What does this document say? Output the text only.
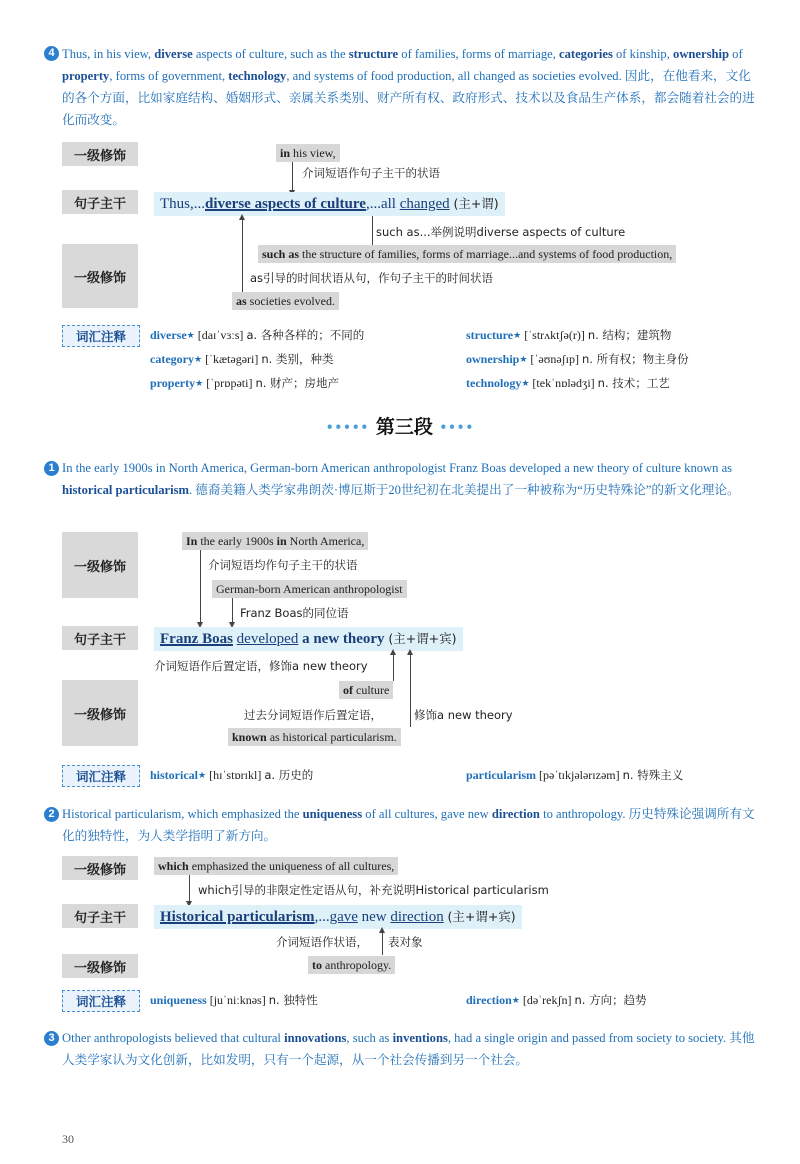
4 Thus, in his view, diverse aspects of culture, such as the structure of families, forms of marriage, categories of kinship, ownership of property, forms of government, technology, and systems of food production, all changed as societies evolved. 因此，在他看来，文化的各个方面，比如家庭结构、婚姻形式、亲属关系类别、财产所有权、政府形式、技术以及食品生产体系，都会随着社会的进化而改变。
一级修饰
句子主干
一级修饰
in his view,
介词短语作句子主干的状语
Thus,...diverse aspects of culture,...all changed (主+谓)
such as...举例说明diverse aspects of culture
such as the structure of families, forms of marriage...and systems of food production,
as引导的时间状语从句，作句子主干的时间状语
as societies evolved.
词汇注释	diverse★ [daɪˈvɜːs] a. 各种各样的；不同的	structure★ [ˈstrʌktʃə(r)] n. 结构；建筑物
category★ [ˈkætəgəri] n. 类别，种类	ownership★ [ˈəʊnəʃɪp] n. 所有权；物主身份
property★ [ˈprɒpəti] n. 财产；房地产	technology★ [tekˈnɒlədʒi] n. 技术；工艺
••••• 第三段 ••••
1 In the early 1900s in North America, German-born American anthropologist Franz Boas developed a new theory of culture known as historical particularism. 德裔美籍人类学家弗朗茨·博厄斯于20世纪初在北美提出了一种被称为“历史特殊论”的新文化理论。
一级修饰
句子主干
一级修饰
In the early 1900s in North America,
介词短语均作句子主干的状语
German-born American anthropologist
Franz Boas的同位语
Franz Boas developed a new theory (主+谓+宾)
介词短语作后置定语，修饰a new theory
of culture
过去分词短语作后置定语，	修饰a new theory
known as historical particularism.
词汇注释	historical★ [hɪˈstɒrɪkl] a. 历史的	particularism [pəˈtɪkjələrɪzəm] n. 特殊主义
2 Historical particularism, which emphasized the uniqueness of all cultures, gave new direction to anthropology. 历史特殊论强调所有文化的独特性，为人类学指明了新方向。
一级修饰
句子主干
一级修饰
which emphasized the uniqueness of all cultures,
which引导的非限定性定语从句，补充说明Historical particularism
Historical particularism,...gave new direction (主+谓+宾)
介词短语作状语， 表对象
to anthropology.
词汇注释	uniqueness [juˈniːknəs] n. 独特性	direction★ [dəˈrekʃn] n. 方向；趋势
3 Other anthropologists believed that cultural innovations, such as inventions, had a single origin and passed from society to society. 其他人类学家认为文化创新，比如发明，只有一个起源，从一个社会传播到另一个社会。
30
